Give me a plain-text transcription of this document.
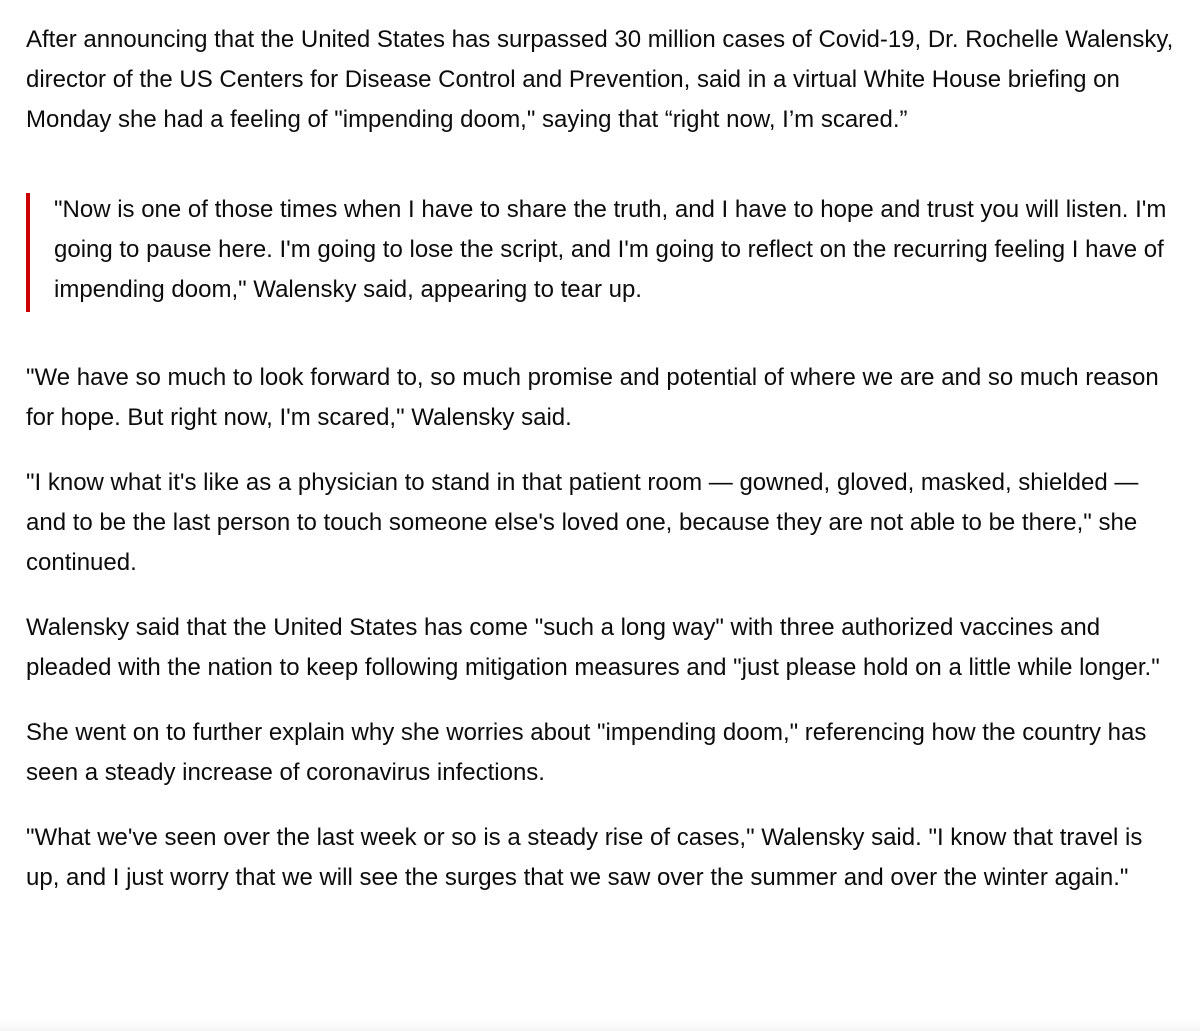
After announcing that the United States has surpassed 30 million cases of Covid-19, Dr. Rochelle Walensky, director of the US Centers for Disease Control and Prevention, said in a virtual White House briefing on Monday she had a feeling of "impending doom," saying that “right now, I’m scared.”

"Now is one of those times when I have to share the truth, and I have to hope and trust you will listen. I'm going to pause here. I'm going to lose the script, and I'm going to reflect on the recurring feeling I have of impending doom," Walensky said, appearing to tear up.

"We have so much to look forward to, so much promise and potential of where we are and so much reason for hope. But right now, I'm scared," Walensky said.

"I know what it's like as a physician to stand in that patient room — gowned, gloved, masked, shielded — and to be the last person to touch someone else's loved one, because they are not able to be there," she continued.

Walensky said that the United States has come "such a long way" with three authorized vaccines and pleaded with the nation to keep following mitigation measures and "just please hold on a little while longer."

She went on to further explain why she worries about "impending doom," referencing how the country has seen a steady increase of coronavirus infections.

"What we've seen over the last week or so is a steady rise of cases," Walensky said. "I know that travel is up, and I just worry that we will see the surges that we saw over the summer and over the winter again."
